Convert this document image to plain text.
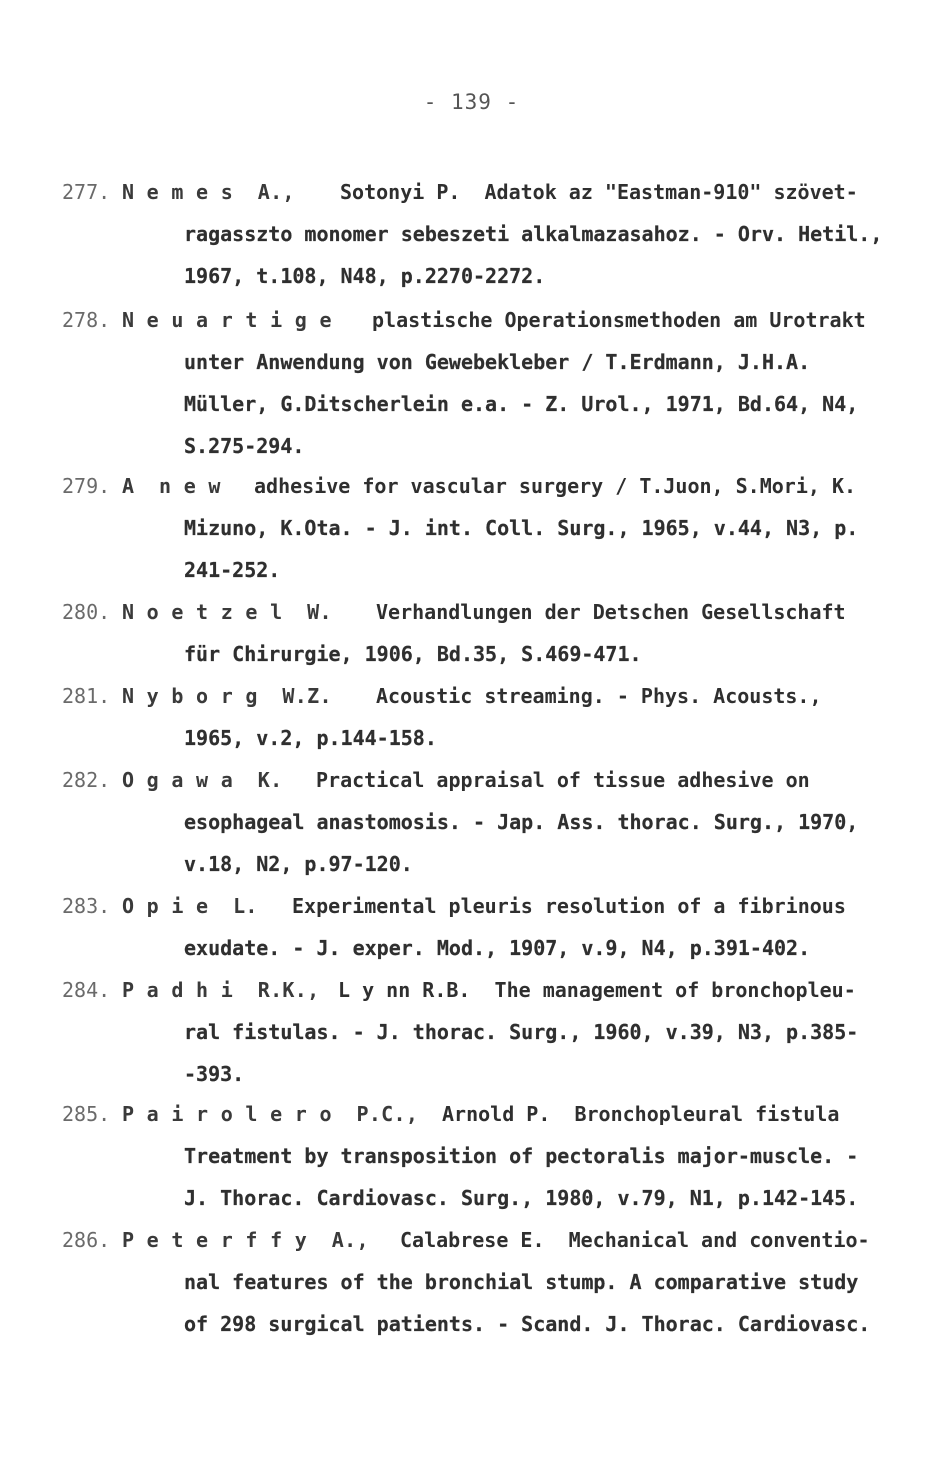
- 139 -
277. N e m e s  A., Sotonyi P.  Adatok az "Eastman-910" szövet-
ragasszto monomer sebeszeti alkalmazasahoz. - Orv. Hetil.,
1967, t.108, N48, p.2270-2272.
278. N e u a r t i g e plastische Operationsmethoden am Urotrakt
unter Anwendung von Gewebekleber / T.Erdmann, J.H.A.
Müller, G.Ditscherlein e.a. - Z. Urol., 1971, Bd.64, N4,
S.275-294.
279. A  n e w adhesive for vascular surgery / T.Juon, S.Mori, K.
Mizuno, K.Ota. - J. int. Coll. Surg., 1965, v.44, N3, p.
241-252.
280. N o e t z e l  W. Verhandlungen der Detschen Gesellschaft
für Chirurgie, 1906, Bd.35, S.469-471.
281. N y b o r g  W.Z. Acoustic streaming. - Phys. Acousts.,
1965, v.2, p.144-158.
282. O g a w a  K. Practical appraisal of tissue adhesive on
esophageal anastomosis. - Jap. Ass. thorac. Surg., 1970,
v.18, N2, p.97-120.
283. O p i e  L. Experimental pleuris resolution of a fibrinous
exudate. - J. exper. Mod., 1907, v.9, N4, p.391-402.
284. P a d h i  R.K., L y nn R.B.  The management of bronchopleu-
ral fistulas. - J. thorac. Surg., 1960, v.39, N3, p.385-
-393.
285. P a i r o l e r o  P.C., Arnold P.  Bronchopleural fistula
Treatment by transposition of pectoralis major-muscle. -
J. Thorac. Cardiovasc. Surg., 1980, v.79, N1, p.142-145.
286. P e t e r f f y  A., Calabrese E.  Mechanical and conventio-
nal features of the bronchial stump. A comparative study
of 298 surgical patients. - Scand. J. Thorac. Cardiovasc.
